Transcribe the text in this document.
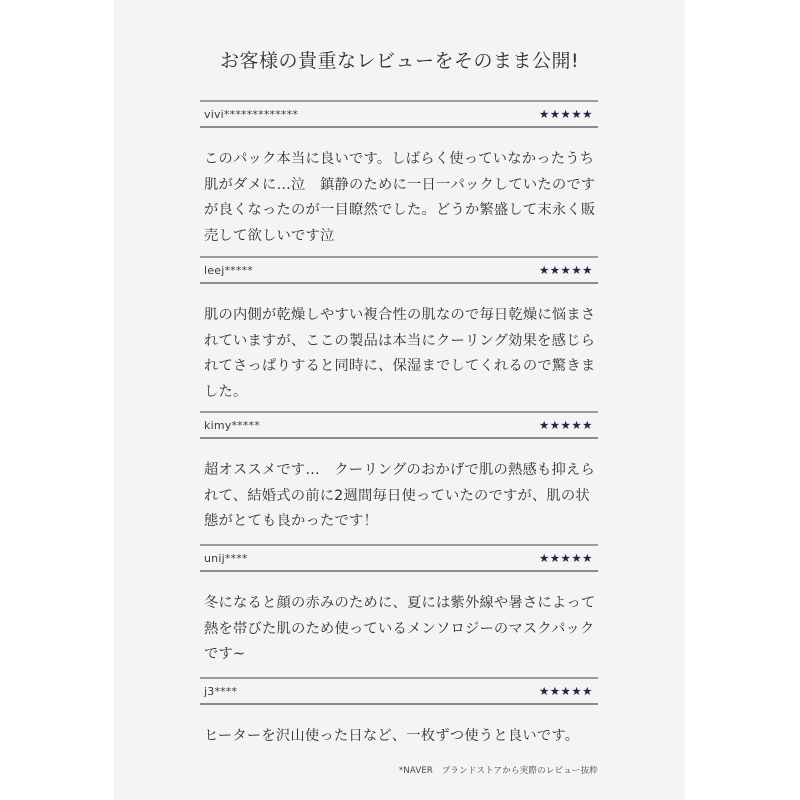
お客様の貴重なレビューをそのまま公開!
vivi*************	★★★★★
このパック本当に良いです。しばらく使っていなかったうち肌がダメに…泣　鎮静のために一日一パックしていたのですが良くなったのが一目瞭然でした。どうか繁盛して末永く販売して欲しいです泣
leej*****	★★★★★
肌の内側が乾燥しやすい複合性の肌なので毎日乾燥に悩まされていますが、ここの製品は本当にクーリング効果を感じられてさっぱりすると同時に、保湿までしてくれるので驚きました。
kimy*****	★★★★★
超オススメです…　クーリングのおかげで肌の熱感も抑えられて、結婚式の前に2週間毎日使っていたのですが、肌の状態がとても良かったです！
unij****	★★★★★
冬になると顔の赤みのために、夏には紫外線や暑さによって熱を帯びた肌のため使っているメンソロジーのマスクパックです~
j3****	★★★★★
ヒーターを沢山使った日など、一枚ずつ使うと良いです。
*NAVER　ブランドストアから実際のレビュー抜粋
